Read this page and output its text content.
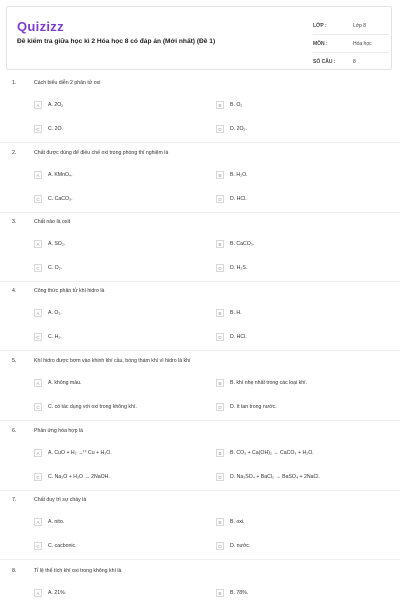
Quizizz
Đề kiểm tra giữa học kì 2 Hóa học 8 có đáp án (Mới nhất) (Đề 1)
LỚP :	Lớp 8
MÔN :	Hóa học
SỐ CÂU :	8
1.	Cách biểu diễn 2 phân tử oxi
A	A. 2O₁	B	B. O₂
C	C. 2O.	D	D. 2O₂.
2.	Chất được dùng để điều chế oxi trong phòng thí nghiệm là
A	A. KMnO₄.	B	B. H₂O.
C	C. CaCO₃.	D	D. HCl.
3.	Chất nào là oxit
A	A. SO₂.	B	B. CaCO₃.
C	C. O₂.	D	D. H₂S.
4.	Công thức phân tử khí hidro là
A	A. O₂.	B	B. H.
C	C. H₂.	D	D. HCl.
5.	Khí hidro được bơm vào khinh khí cầu, bóng thám khí vì hidro là khí
A	A. không màu.	B	B. khí nhẹ nhất trong các loại khí.
C	C. có tác dụng với oxi trong không khí.	D	D. ít tan trong nước.
6.	Phản ứng hóa hợp là
A	A. CuO + H₂ →ᵗ° Cu + H₂O.	B	B. CO₂ + Ca(OH)₂ → CaCO₃ + H₂O.
C	C. Na₂O + H₂O → 2NaOH.	D	D. Na₂SO₄ + BaCl₂ → BaSO₄ + 2NaCl.
7.	Chất duy trì sự cháy là
A	A. nito.	B	B. oxi.
C	C. cacbonic.	D	D. nước.
8.	Tỉ lệ thể tích khí oxi trong không khí là
A	A. 21%.	B	B. 78%.
